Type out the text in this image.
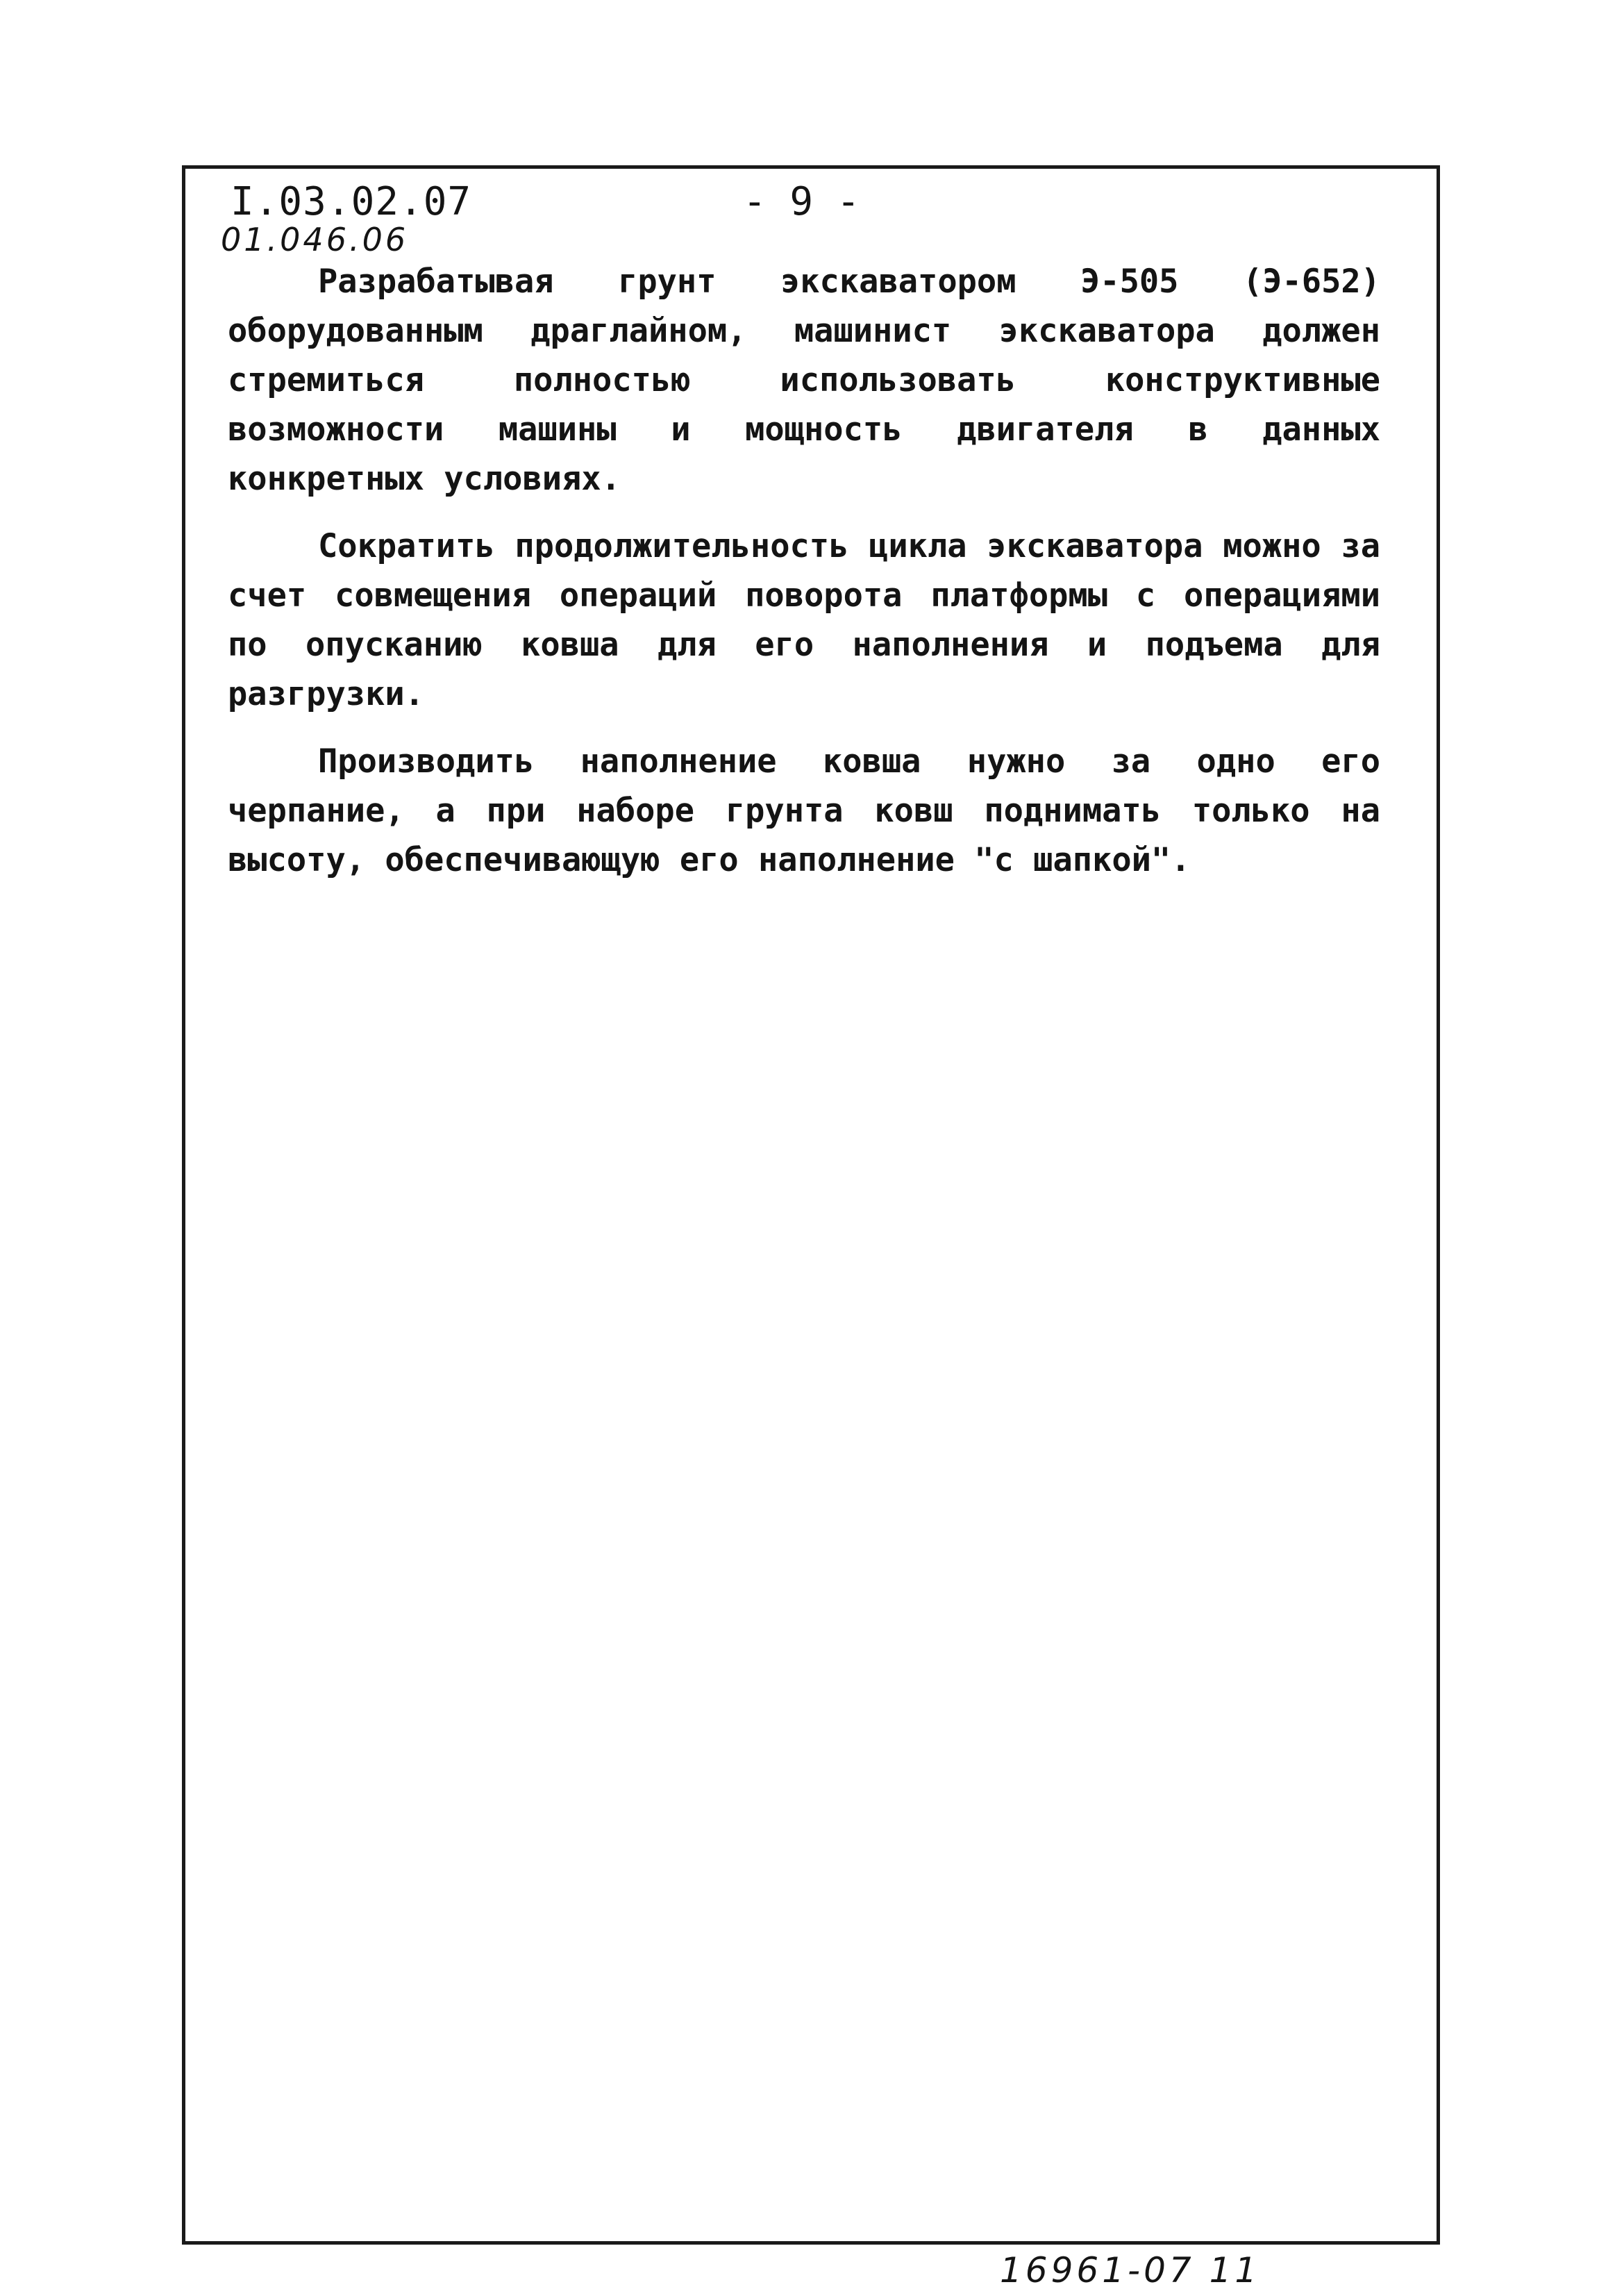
I.03.02.07	- 9 -
01.046.06

Разрабатывая грунт экскаватором Э-505 (Э-652) оборудованным драглайном, машинист экскаватора должен стремиться полностью использовать конструктивные возможности машины и мощность двигателя в данных конкретных условиях.

Сократить продолжительность цикла экскаватора можно за счет совмещения операций поворота платформы с операциями по опусканию ковша для его наполнения и подъема для разгрузки.

Производить наполнение ковша нужно за одно его черпание, а при наборе грунта ковш поднимать только на высоту, обеспечивающую его наполнение "с шапкой".

16961-07 11
